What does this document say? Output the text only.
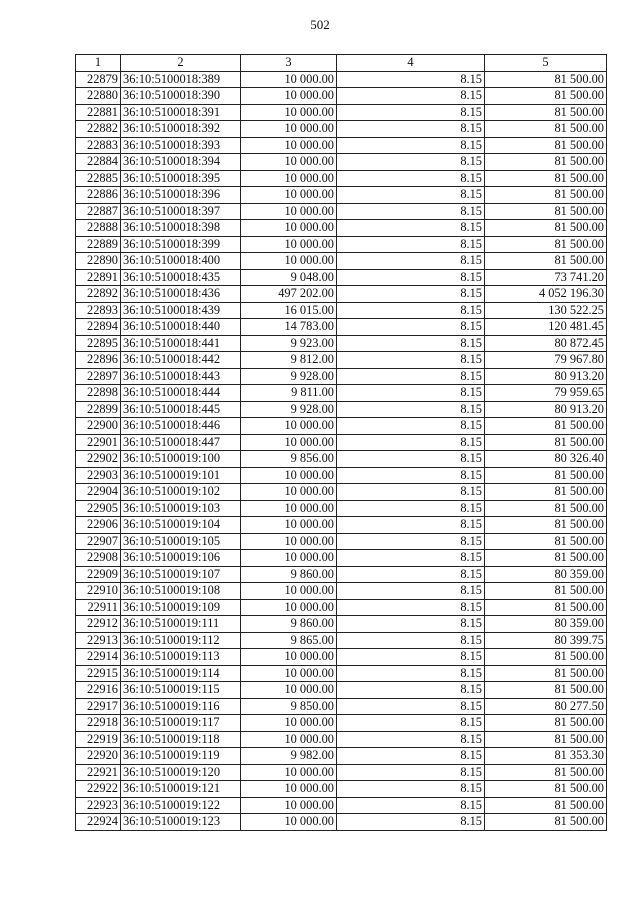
502
1	2	3	4	5
22879	36:10:5100018:389	10 000.00	8.15	81 500.00
22880	36:10:5100018:390	10 000.00	8.15	81 500.00
22881	36:10:5100018:391	10 000.00	8.15	81 500.00
22882	36:10:5100018:392	10 000.00	8.15	81 500.00
22883	36:10:5100018:393	10 000.00	8.15	81 500.00
22884	36:10:5100018:394	10 000.00	8.15	81 500.00
22885	36:10:5100018:395	10 000.00	8.15	81 500.00
22886	36:10:5100018:396	10 000.00	8.15	81 500.00
22887	36:10:5100018:397	10 000.00	8.15	81 500.00
22888	36:10:5100018:398	10 000.00	8.15	81 500.00
22889	36:10:5100018:399	10 000.00	8.15	81 500.00
22890	36:10:5100018:400	10 000.00	8.15	81 500.00
22891	36:10:5100018:435	9 048.00	8.15	73 741.20
22892	36:10:5100018:436	497 202.00	8.15	4 052 196.30
22893	36:10:5100018:439	16 015.00	8.15	130 522.25
22894	36:10:5100018:440	14 783.00	8.15	120 481.45
22895	36:10:5100018:441	9 923.00	8.15	80 872.45
22896	36:10:5100018:442	9 812.00	8.15	79 967.80
22897	36:10:5100018:443	9 928.00	8.15	80 913.20
22898	36:10:5100018:444	9 811.00	8.15	79 959.65
22899	36:10:5100018:445	9 928.00	8.15	80 913.20
22900	36:10:5100018:446	10 000.00	8.15	81 500.00
22901	36:10:5100018:447	10 000.00	8.15	81 500.00
22902	36:10:5100019:100	9 856.00	8.15	80 326.40
22903	36:10:5100019:101	10 000.00	8.15	81 500.00
22904	36:10:5100019:102	10 000.00	8.15	81 500.00
22905	36:10:5100019:103	10 000.00	8.15	81 500.00
22906	36:10:5100019:104	10 000.00	8.15	81 500.00
22907	36:10:5100019:105	10 000.00	8.15	81 500.00
22908	36:10:5100019:106	10 000.00	8.15	81 500.00
22909	36:10:5100019:107	9 860.00	8.15	80 359.00
22910	36:10:5100019:108	10 000.00	8.15	81 500.00
22911	36:10:5100019:109	10 000.00	8.15	81 500.00
22912	36:10:5100019:111	9 860.00	8.15	80 359.00
22913	36:10:5100019:112	9 865.00	8.15	80 399.75
22914	36:10:5100019:113	10 000.00	8.15	81 500.00
22915	36:10:5100019:114	10 000.00	8.15	81 500.00
22916	36:10:5100019:115	10 000.00	8.15	81 500.00
22917	36:10:5100019:116	9 850.00	8.15	80 277.50
22918	36:10:5100019:117	10 000.00	8.15	81 500.00
22919	36:10:5100019:118	10 000.00	8.15	81 500.00
22920	36:10:5100019:119	9 982.00	8.15	81 353.30
22921	36:10:5100019:120	10 000.00	8.15	81 500.00
22922	36:10:5100019:121	10 000.00	8.15	81 500.00
22923	36:10:5100019:122	10 000.00	8.15	81 500.00
22924	36:10:5100019:123	10 000.00	8.15	81 500.00
